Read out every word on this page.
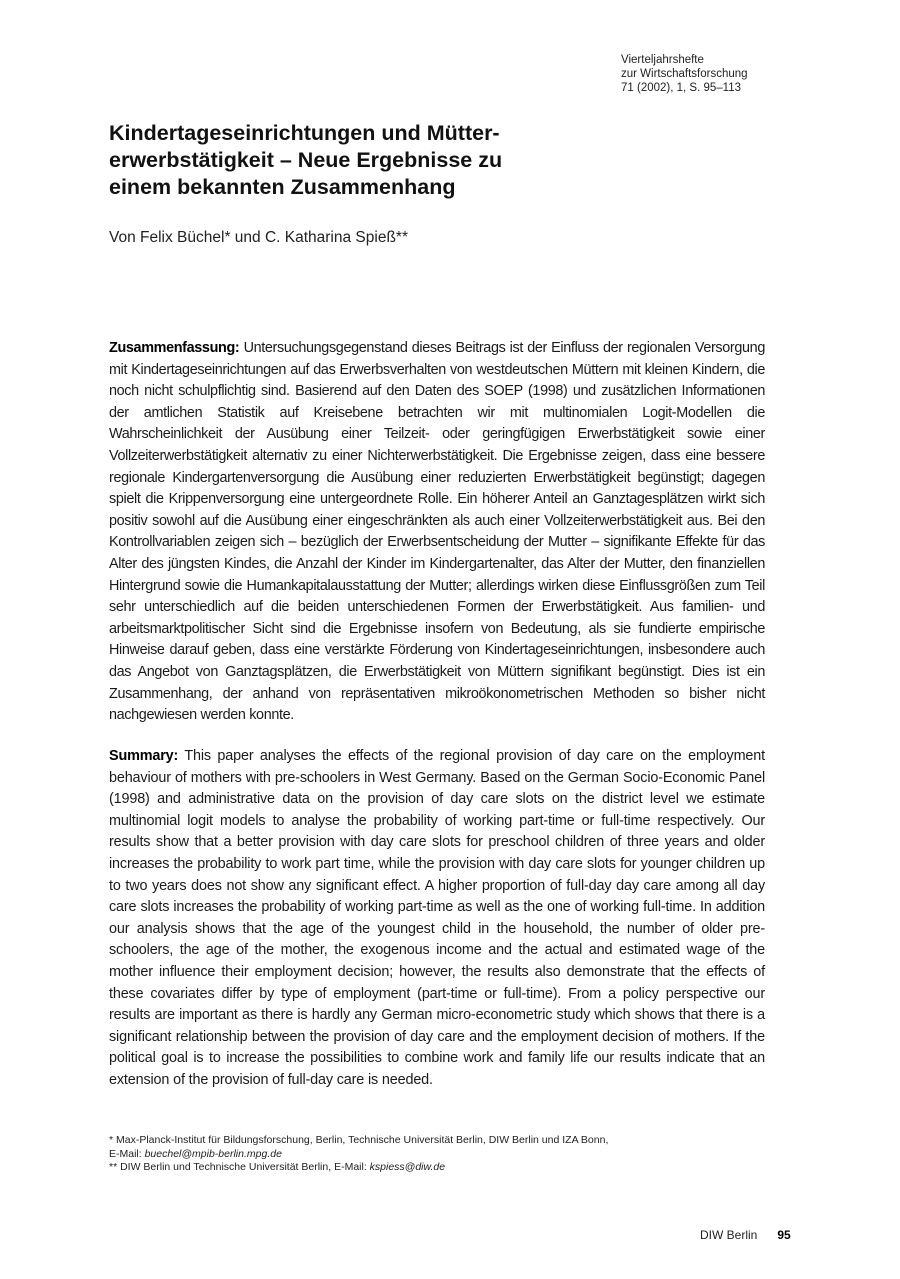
Vierteljahrshefte
zur Wirtschaftsforschung
71 (2002), 1, S. 95–113
Kindertageseinrichtungen und Mütter-
erwerbstätigkeit – Neue Ergebnisse zu
einem bekannten Zusammenhang
Von Felix Büchel* und C. Katharina Spieß**

Zusammenfassung: Untersuchungsgegenstand dieses Beitrags ist der Einfluss der regionalen Versorgung mit Kindertageseinrichtungen auf das Erwerbsverhalten von westdeutschen Müttern mit kleinen Kindern, die noch nicht schulpflichtig sind. Basierend auf den Daten des SOEP (1998) und zusätzlichen Informationen der amtlichen Statistik auf Kreisebene betrachten wir mit multinomialen Logit-Modellen die Wahrscheinlichkeit der Ausübung einer Teilzeit- oder geringfügigen Erwerbstätigkeit sowie einer Vollzeiterwerbstätigkeit alternativ zu einer Nichterwerbstätigkeit. Die Ergebnisse zeigen, dass eine bessere regionale Kindergartenversorgung die Ausübung einer reduzierten Erwerbstätigkeit begünstigt; dagegen spielt die Krippenversorgung eine untergeordnete Rolle. Ein höherer Anteil an Ganztagesplätzen wirkt sich positiv sowohl auf die Ausübung einer eingeschränkten als auch einer Vollzeiterwerbstätigkeit aus. Bei den Kontrollvariablen zeigen sich – bezüglich der Erwerbsentscheidung der Mutter – signifikante Effekte für das Alter des jüngsten Kindes, die Anzahl der Kinder im Kindergartenalter, das Alter der Mutter, den finanziellen Hintergrund sowie die Humankapitalausstattung der Mutter; allerdings wirken diese Einflussgrößen zum Teil sehr unterschiedlich auf die beiden unterschiedenen Formen der Erwerbstätigkeit. Aus familien- und arbeitsmarktpolitischer Sicht sind die Ergebnisse insofern von Bedeutung, als sie fundierte empirische Hinweise darauf geben, dass eine verstärkte Förderung von Kindertageseinrichtungen, insbesondere auch das Angebot von Ganztagsplätzen, die Erwerbstätigkeit von Müttern signifikant begünstigt. Dies ist ein Zusammenhang, der anhand von repräsentativen mikroökonometrischen Methoden so bisher nicht nachgewiesen werden konnte.

Summary: This paper analyses the effects of the regional provision of day care on the employment behaviour of mothers with pre-schoolers in West Germany. Based on the German Socio-Economic Panel (1998) and administrative data on the provision of day care slots on the district level we estimate multinomial logit models to analyse the probability of working part-time or full-time respectively. Our results show that a better provision with day care slots for preschool children of three years and older increases the probability to work part time, while the provision with day care slots for younger children up to two years does not show any significant effect. A higher proportion of full-day day care among all day care slots increases the probability of working part-time as well as the one of working full-time. In addition our analysis shows that the age of the youngest child in the household, the number of older pre-schoolers, the age of the mother, the exogenous income and the actual and estimated wage of the mother influence their employment decision; however, the results also demonstrate that the effects of these covariates differ by type of employment (part-time or full-time). From a policy perspective our results are important as there is hardly any German micro-econometric study which shows that there is a significant relationship between the provision of day care and the employment decision of mothers. If the political goal is to increase the possibilities to combine work and family life our results indicate that an extension of the provision of full-day care is needed.

* Max-Planck-Institut für Bildungsforschung, Berlin, Technische Universität Berlin, DIW Berlin und IZA Bonn,
E-Mail: buechel@mpib-berlin.mpg.de
** DIW Berlin und Technische Universität Berlin, E-Mail: kspiess@diw.de
DIW Berlin 95
